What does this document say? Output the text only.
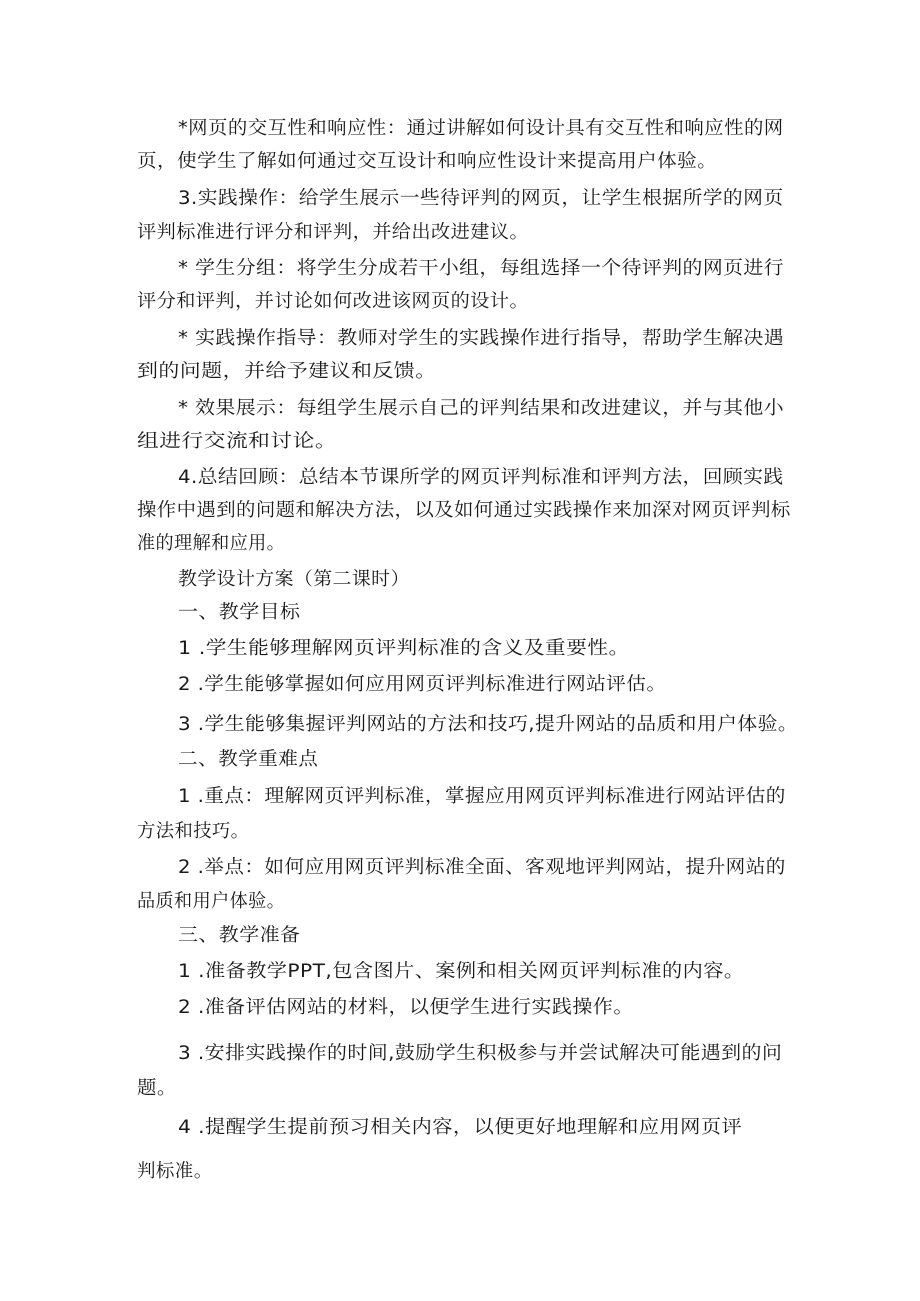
*网页的交互性和响应性：通过讲解如何设计具有交互性和响应性的网
页，使学生了解如何通过交互设计和响应性设计来提高用户体验。
3.实践操作：给学生展示一些待评判的网页，让学生根据所学的网页
评判标准进行评分和评判，并给出改进建议。
* 学生分组：将学生分成若干小组，每组选择一个待评判的网页进行
评分和评判，并讨论如何改进该网页的设计。
* 实践操作指导：教师对学生的实践操作进行指导，帮助学生解决遇
到的问题，并给予建议和反馈。
* 效果展示：每组学生展示自己的评判结果和改进建议，并与其他小
组进行交流和讨论。
4.总结回顾：总结本节课所学的网页评判标准和评判方法，回顾实践
操作中遇到的问题和解决方法，以及如何通过实践操作来加深对网页评判标
准的理解和应用。
教学设计方案（第二课时）
一、教学目标
1 .学生能够理解网页评判标准的含义及重要性。
2 .学生能够掌握如何应用网页评判标准进行网站评估。
3 .学生能够集握评判网站的方法和技巧,提升网站的品质和用户体验。
二、教学重难点
1 .重点：理解网页评判标准，掌握应用网页评判标准进行网站评估的
方法和技巧。
2 .举点：如何应用网页评判标准全面、客观地评判网站，提升网站的
品质和用户体验。
三、教学准备
1 .准备教学PPT,包含图片、案例和相关网页评判标准的内容。
2 .准备评估网站的材料，以便学生进行实践操作。
3 .安排实践操作的时间,鼓励学生积极参与并尝试解决可能遇到的问
题。
4 .提醒学生提前预习相关内容，以便更好地理解和应用网页评
判标准。
